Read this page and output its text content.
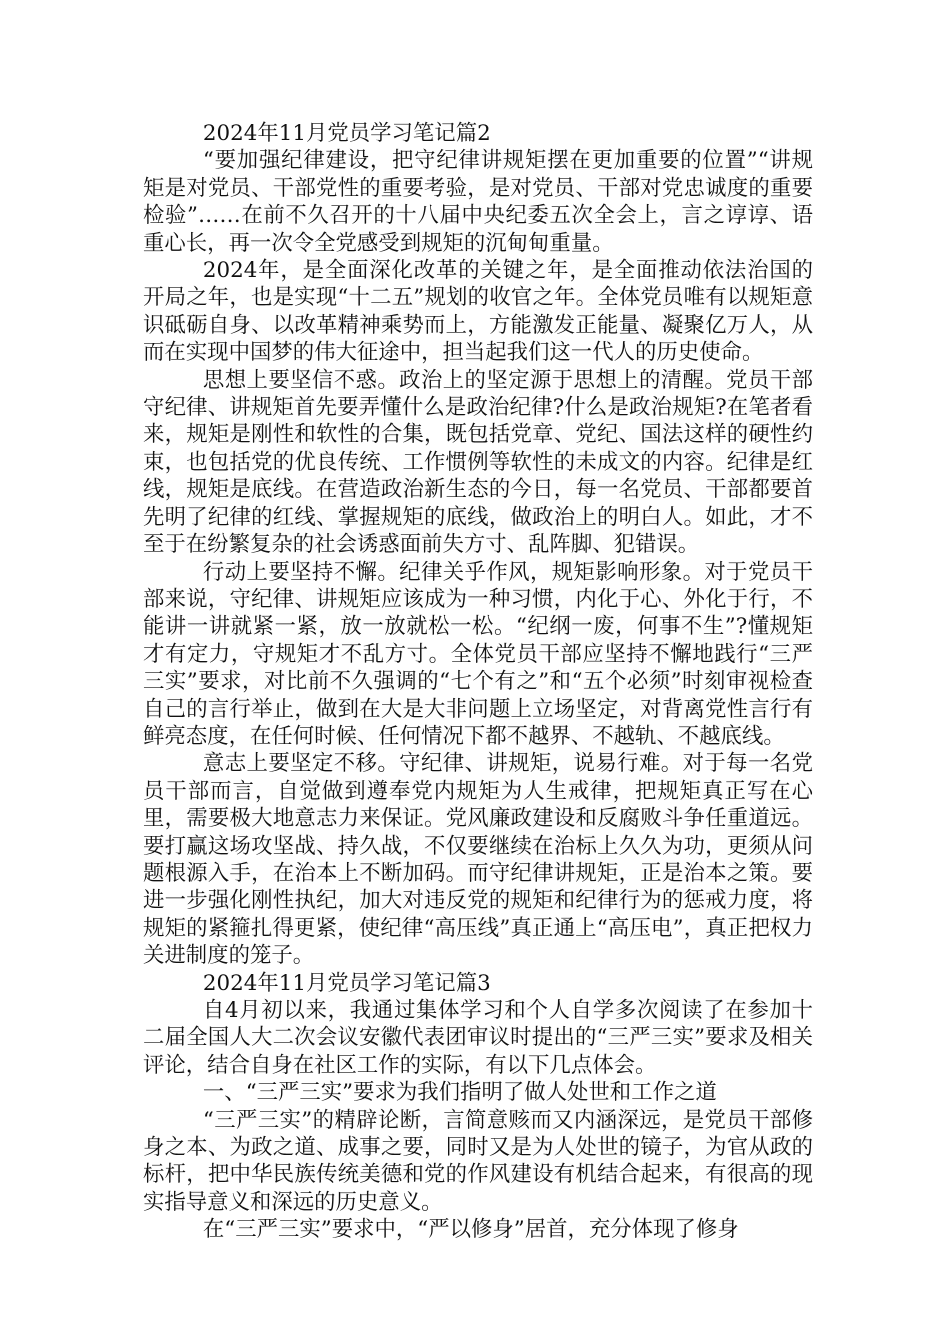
2024年11月党员学习笔记篇2

“要加强纪律建设，把守纪律讲规矩摆在更加重要的位置”“讲规矩是对党员、干部党性的重要考验，是对党员、干部对党忠诚度的重要检验”……在前不久召开的十八届中央纪委五次全会上，言之谆谆、语重心长，再一次令全党感受到规矩的沉甸甸重量。

2024年，是全面深化改革的关键之年，是全面推动依法治国的开局之年，也是实现“十二五”规划的收官之年。全体党员唯有以规矩意识砥砺自身、以改革精神乘势而上，方能激发正能量、凝聚亿万人，从而在实现中国梦的伟大征途中，担当起我们这一代人的历史使命。

思想上要坚信不惑。政治上的坚定源于思想上的清醒。党员干部守纪律、讲规矩首先要弄懂什么是政治纪律?什么是政治规矩?在笔者看来，规矩是刚性和软性的合集，既包括党章、党纪、国法这样的硬性约束，也包括党的优良传统、工作惯例等软性的未成文的内容。纪律是红线，规矩是底线。在营造政治新生态的今日，每一名党员、干部都要首先明了纪律的红线、掌握规矩的底线，做政治上的明白人。如此，才不至于在纷繁复杂的社会诱惑面前失方寸、乱阵脚、犯错误。

行动上要坚持不懈。纪律关乎作风，规矩影响形象。对于党员干部来说，守纪律、讲规矩应该成为一种习惯，内化于心、外化于行，不能讲一讲就紧一紧，放一放就松一松。“纪纲一废，何事不生”?懂规矩才有定力，守规矩才不乱方寸。全体党员干部应坚持不懈地践行“三严三实”要求，对比前不久强调的“七个有之”和“五个必须”时刻审视检查自己的言行举止，做到在大是大非问题上立场坚定，对背离党性言行有鲜亮态度，在任何时候、任何情况下都不越界、不越轨、不越底线。

意志上要坚定不移。守纪律、讲规矩，说易行难。对于每一名党员干部而言，自觉做到遵奉党内规矩为人生戒律，把规矩真正写在心里，需要极大地意志力来保证。党风廉政建设和反腐败斗争任重道远。要打赢这场攻坚战、持久战，不仅要继续在治标上久久为功，更须从问题根源入手，在治本上不断加码。而守纪律讲规矩，正是治本之策。要进一步强化刚性执纪，加大对违反党的规矩和纪律行为的惩戒力度，将规矩的紧箍扎得更紧，使纪律“高压线”真正通上“高压电”，真正把权力关进制度的笼子。

2024年11月党员学习笔记篇3

自4月初以来，我通过集体学习和个人自学多次阅读了在参加十二届全国人大二次会议安徽代表团审议时提出的“三严三实”要求及相关评论，结合自身在社区工作的实际，有以下几点体会。

一、“三严三实”要求为我们指明了做人处世和工作之道

“三严三实”的精辟论断，言简意赅而又内涵深远，是党员干部修身之本、为政之道、成事之要，同时又是为人处世的镜子，为官从政的标杆，把中华民族传统美德和党的作风建设有机结合起来，有很高的现实指导意义和深远的历史意义。

在“三严三实”要求中，“严以修身”居首，充分体现了修身
